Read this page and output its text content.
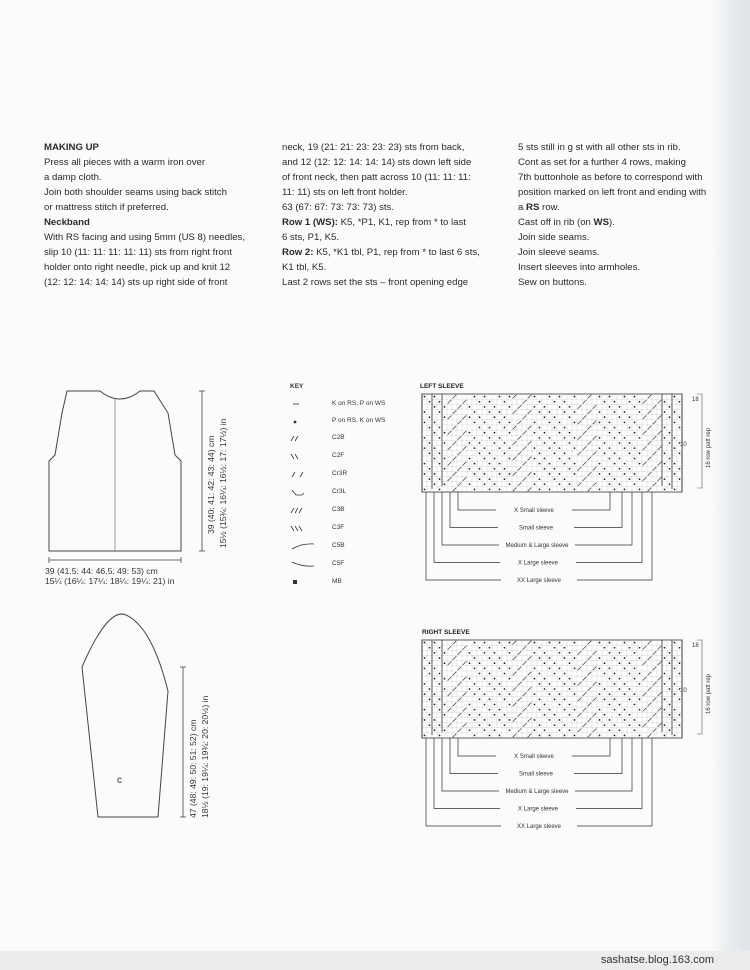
MAKING UP

Press all pieces with a warm iron over

a damp cloth.

Join both shoulder seams using back stitch

or mattress stitch if preferred.

Neckband

With RS facing and using 5mm (US 8) needles,

slip 10 (11: 11: 11: 11: 11) sts from right front

holder onto right needle, pick up and knit 12

(12: 12: 14: 14: 14) sts up right side of front

neck, 19 (21: 21: 23: 23: 23) sts from back,

and 12 (12: 12: 14: 14: 14) sts down left side

of front neck, then patt across 10 (11: 11: 11:

11: 11) sts on left front holder.

63 (67: 67: 73: 73: 73) sts.

Row 1 (WS): K5, *P1, K1, rep from * to last

6 sts, P1, K5.

Row 2: K5, *K1 tbl, P1, rep from * to last 6 sts,

K1 tbl, K5.

Last 2 rows set the sts – front opening edge

5 sts still in g st with all other sts in rib.

Cont as set for a further 4 rows, making

7th buttonhole as before to correspond with

position marked on left front and ending with

a RS row.

Cast off in rib (on WS).

Join side seams.

Join sleeve seams.

Insert sleeves into armholes.

Sew on buttons.

39 (41.5: 44: 46.5: 49: 53) cm
15¼ (16¼: 17¼: 18¼: 19¼: 21) in
39 (40: 41: 42: 43: 44) cm 15½ (15¾: 16¼: 16½: 17: 17½) in
c	47 (48: 49: 50: 51: 52) cm 18½ (19: 19¼: 19¾: 20: 20½) in
KEY
K on RS, P on WS
P on RS, K on WS
C2B
C2F
Cr3R
Cr3L
C3B
C3F
C5B
C5F
MB
LEFT SLEEVE
18
10	16 row patt rep
X Small sleeve
Small sleeve
Medium & Large sleeve
X Large sleeve
XX Large sleeve
RIGHT SLEEVE
18
10	16 row patt rep
X Small sleeve
Small sleeve
Medium & Large sleeve
X Large sleeve
XX Large sleeve
sashatse.blog.163.com
